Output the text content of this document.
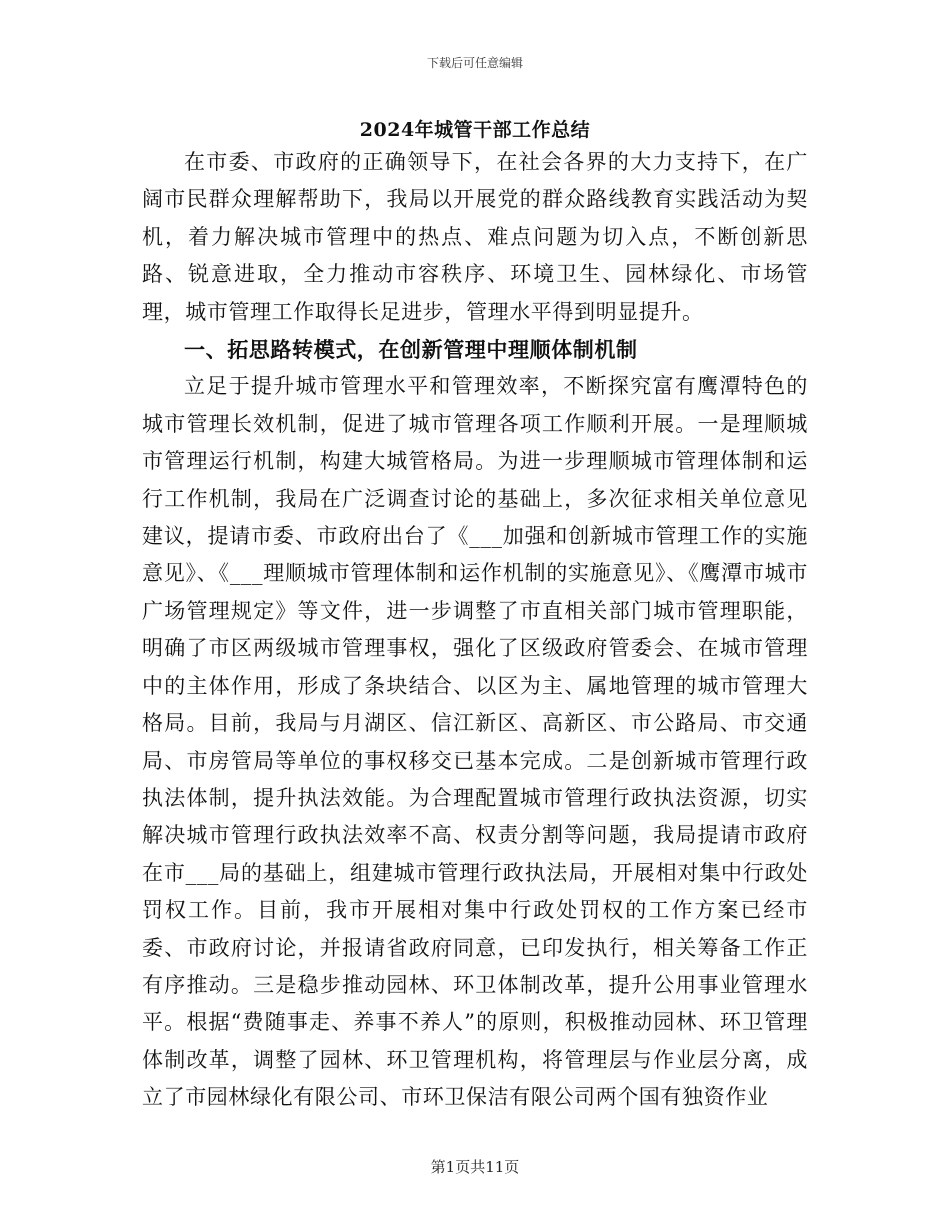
下载后可任意编辑
2024年城管干部工作总结

在市委、市政府的正确领导下，在社会各界的大力支持下，在广阔市民群众理解帮助下，我局以开展党的群众路线教育实践活动为契机，着力解决城市管理中的热点、难点问题为切入点，不断创新思路、锐意进取，全力推动市容秩序、环境卫生、园林绿化、市场管理，城市管理工作取得长足进步，管理水平得到明显提升。

一、拓思路转模式，在创新管理中理顺体制机制

立足于提升城市管理水平和管理效率，不断探究富有鹰潭特色的城市管理长效机制，促进了城市管理各项工作顺利开展。一是理顺城市管理运行机制，构建大城管格局。为进一步理顺城市管理体制和运行工作机制，我局在广泛调查讨论的基础上，多次征求相关单位意见建议，提请市委、市政府出台了《___加强和创新城市管理工作的实施意见》、《___理顺城市管理体制和运作机制的实施意见》、《鹰潭市城市广场管理规定》等文件，进一步调整了市直相关部门城市管理职能，明确了市区两级城市管理事权，强化了区级政府管委会、在城市管理中的主体作用，形成了条块结合、以区为主、属地管理的城市管理大格局。目前，我局与月湖区、信江新区、高新区、市公路局、市交通局、市房管局等单位的事权移交已基本完成。二是创新城市管理行政执法体制，提升执法效能。为合理配置城市管理行政执法资源，切实解决城市管理行政执法效率不高、权责分割等问题，我局提请市政府在市___局的基础上，组建城市管理行政执法局，开展相对集中行政处罚权工作。目前，我市开展相对集中行政处罚权的工作方案已经市委、市政府讨论，并报请省政府同意，已印发执行，相关筹备工作正有序推动。三是稳步推动园林、环卫体制改革，提升公用事业管理水平。根据“费随事走、养事不养人”的原则，积极推动园林、环卫管理体制改革，调整了园林、环卫管理机构，将管理层与作业层分离，成立了市园林绿化有限公司、市环卫保洁有限公司两个国有独资作业

第1页共11页
